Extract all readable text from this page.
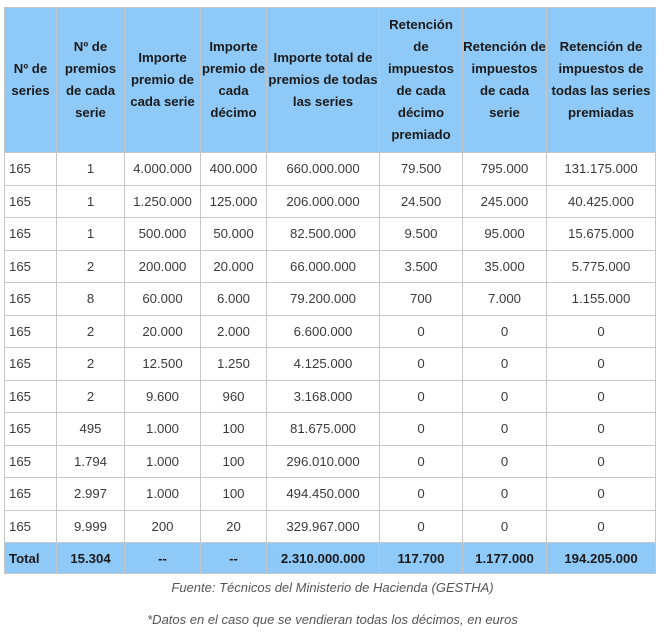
Nº de series	Nº de premios de cada serie	Importe premio de cada serie	Importe premio de cada décimo	Importe total de premios de todas las series	Retención de impuestos de cada décimo premiado	Retención de impuestos de cada serie	Retención de impuestos de todas las series premiadas
165	1	4.000.000	400.000	660.000.000	79.500	795.000	131.175.000
165	1	1.250.000	125.000	206.000.000	24.500	245.000	40.425.000
165	1	500.000	50.000	82.500.000	9.500	95.000	15.675.000
165	2	200.000	20.000	66.000.000	3.500	35.000	5.775.000
165	8	60.000	6.000	79.200.000	700	7.000	1.155.000
165	2	20.000	2.000	6.600.000	0	0	0
165	2	12.500	1.250	4.125.000	0	0	0
165	2	9.600	960	3.168.000	0	0	0
165	495	1.000	100	81.675.000	0	0	0
165	1.794	1.000	100	296.010.000	0	0	0
165	2.997	1.000	100	494.450.000	0	0	0
165	9.999	200	20	329.967.000	0	0	0
Total	15.304	--	--	2.310.000.000	117.700	1.177.000	194.205.000
Fuente: Técnicos del Ministerio de Hacienda (GESTHA)
*Datos en el caso que se vendieran todas los décimos, en euros
